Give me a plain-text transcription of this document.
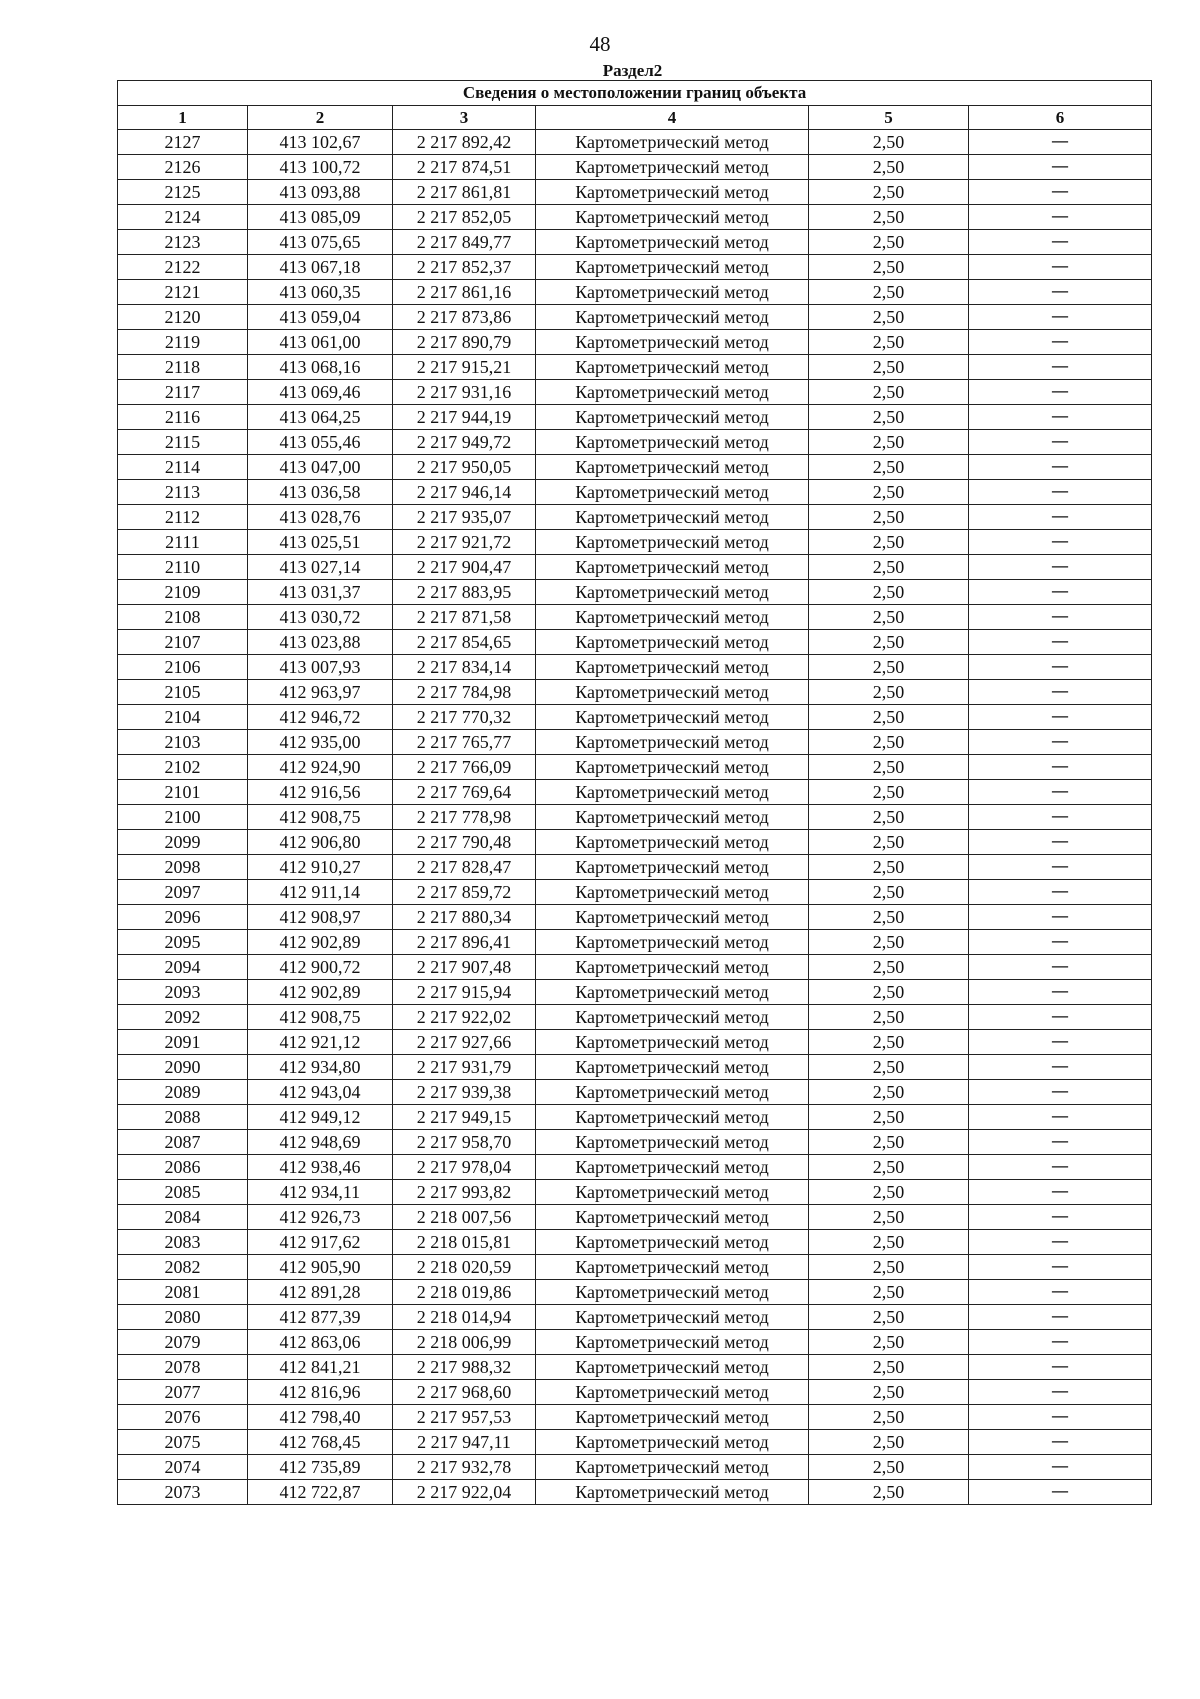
48
Раздел2
Сведения о местоположении границ объекта					
1	2	3	4	5	6
2127	413 102,67	2 217 892,42	Картометрический метод	2,50	—
2126	413 100,72	2 217 874,51	Картометрический метод	2,50	—
2125	413 093,88	2 217 861,81	Картометрический метод	2,50	—
2124	413 085,09	2 217 852,05	Картометрический метод	2,50	—
2123	413 075,65	2 217 849,77	Картометрический метод	2,50	—
2122	413 067,18	2 217 852,37	Картометрический метод	2,50	—
2121	413 060,35	2 217 861,16	Картометрический метод	2,50	—
2120	413 059,04	2 217 873,86	Картометрический метод	2,50	—
2119	413 061,00	2 217 890,79	Картометрический метод	2,50	—
2118	413 068,16	2 217 915,21	Картометрический метод	2,50	—
2117	413 069,46	2 217 931,16	Картометрический метод	2,50	—
2116	413 064,25	2 217 944,19	Картометрический метод	2,50	—
2115	413 055,46	2 217 949,72	Картометрический метод	2,50	—
2114	413 047,00	2 217 950,05	Картометрический метод	2,50	—
2113	413 036,58	2 217 946,14	Картометрический метод	2,50	—
2112	413 028,76	2 217 935,07	Картометрический метод	2,50	—
2111	413 025,51	2 217 921,72	Картометрический метод	2,50	—
2110	413 027,14	2 217 904,47	Картометрический метод	2,50	—
2109	413 031,37	2 217 883,95	Картометрический метод	2,50	—
2108	413 030,72	2 217 871,58	Картометрический метод	2,50	—
2107	413 023,88	2 217 854,65	Картометрический метод	2,50	—
2106	413 007,93	2 217 834,14	Картометрический метод	2,50	—
2105	412 963,97	2 217 784,98	Картометрический метод	2,50	—
2104	412 946,72	2 217 770,32	Картометрический метод	2,50	—
2103	412 935,00	2 217 765,77	Картометрический метод	2,50	—
2102	412 924,90	2 217 766,09	Картометрический метод	2,50	—
2101	412 916,56	2 217 769,64	Картометрический метод	2,50	—
2100	412 908,75	2 217 778,98	Картометрический метод	2,50	—
2099	412 906,80	2 217 790,48	Картометрический метод	2,50	—
2098	412 910,27	2 217 828,47	Картометрический метод	2,50	—
2097	412 911,14	2 217 859,72	Картометрический метод	2,50	—
2096	412 908,97	2 217 880,34	Картометрический метод	2,50	—
2095	412 902,89	2 217 896,41	Картометрический метод	2,50	—
2094	412 900,72	2 217 907,48	Картометрический метод	2,50	—
2093	412 902,89	2 217 915,94	Картометрический метод	2,50	—
2092	412 908,75	2 217 922,02	Картометрический метод	2,50	—
2091	412 921,12	2 217 927,66	Картометрический метод	2,50	—
2090	412 934,80	2 217 931,79	Картометрический метод	2,50	—
2089	412 943,04	2 217 939,38	Картометрический метод	2,50	—
2088	412 949,12	2 217 949,15	Картометрический метод	2,50	—
2087	412 948,69	2 217 958,70	Картометрический метод	2,50	—
2086	412 938,46	2 217 978,04	Картометрический метод	2,50	—
2085	412 934,11	2 217 993,82	Картометрический метод	2,50	—
2084	412 926,73	2 218 007,56	Картометрический метод	2,50	—
2083	412 917,62	2 218 015,81	Картометрический метод	2,50	—
2082	412 905,90	2 218 020,59	Картометрический метод	2,50	—
2081	412 891,28	2 218 019,86	Картометрический метод	2,50	—
2080	412 877,39	2 218 014,94	Картометрический метод	2,50	—
2079	412 863,06	2 218 006,99	Картометрический метод	2,50	—
2078	412 841,21	2 217 988,32	Картометрический метод	2,50	—
2077	412 816,96	2 217 968,60	Картометрический метод	2,50	—
2076	412 798,40	2 217 957,53	Картометрический метод	2,50	—
2075	412 768,45	2 217 947,11	Картометрический метод	2,50	—
2074	412 735,89	2 217 932,78	Картометрический метод	2,50	—
2073	412 722,87	2 217 922,04	Картометрический метод	2,50	—
